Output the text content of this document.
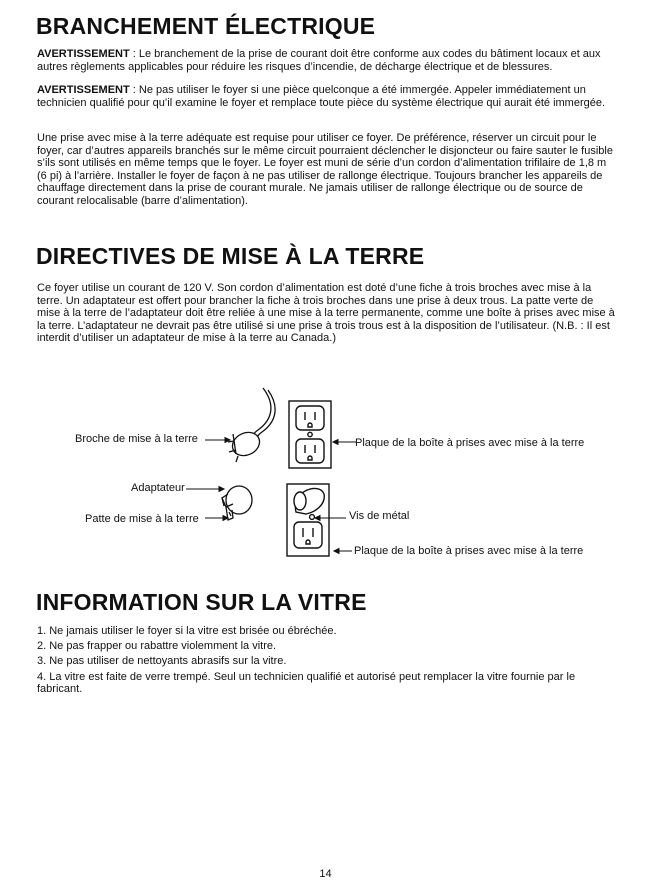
BRANCHEMENT ÉLECTRIQUE

AVERTISSEMENT : Le branchement de la prise de courant doit être conforme aux codes du bâtiment locaux et aux autres règlements applicables pour réduire les risques d’incendie, de décharge électrique et de blessures.

AVERTISSEMENT : Ne pas utiliser le foyer si une pièce quelconque a été immergée. Appeler immédiatement un technicien qualifié pour qu’il examine le foyer et remplace toute pièce du système électrique qui aurait été immergée.

Une prise avec mise à la terre adéquate est requise pour utiliser ce foyer. De préférence, réserver un circuit pour le foyer, car d’autres appareils branchés sur le même circuit pourraient déclencher le disjoncteur ou faire sauter le fusible s’ils sont utilisés en même temps que le foyer. Le foyer est muni de série d’un cordon d’alimentation trifilaire de 1,8 m (6 pi) à l’arrière. Installer le foyer de façon à ne pas utiliser de rallonge électrique. Toujours brancher les appareils de chauffage directement dans la prise de courant murale. Ne jamais utiliser de rallonge électrique ou de source de courant relocalisable (barre d’alimentation).

DIRECTIVES DE MISE À LA TERRE

Ce foyer utilise un courant de 120 V. Son cordon d’alimentation est doté d’une fiche à trois broches avec mise à la terre. Un adaptateur est offert pour brancher la fiche à trois broches dans une prise à deux trous. La patte verte de mise à la terre de l’adaptateur doit être reliée à une mise à la terre permanente, comme une boîte à prises avec mise à la terre. L’adaptateur ne devrait pas être utilisé si une prise à trois trous est à la disposition de l’utilisateur. (N.B. : Il est interdit d’utiliser un adaptateur de mise à la terre au Canada.)

Broche de mise à la terre	Plaque de la boîte à prises avec mise à la terre
Adaptateur
Patte de mise à la terre	Vis de métal
Plaque de la boîte à prises avec mise à la terre
INFORMATION SUR LA VITRE
1. Ne jamais utiliser le foyer si la vitre est brisée ou ébréchée.
2. Ne pas frapper ou rabattre violemment la vitre.
3. Ne pas utiliser de nettoyants abrasifs sur la vitre.
4. La vitre est faite de verre trempé. Seul un technicien qualifié et autorisé peut remplacer la vitre fournie par le fabricant.
14
